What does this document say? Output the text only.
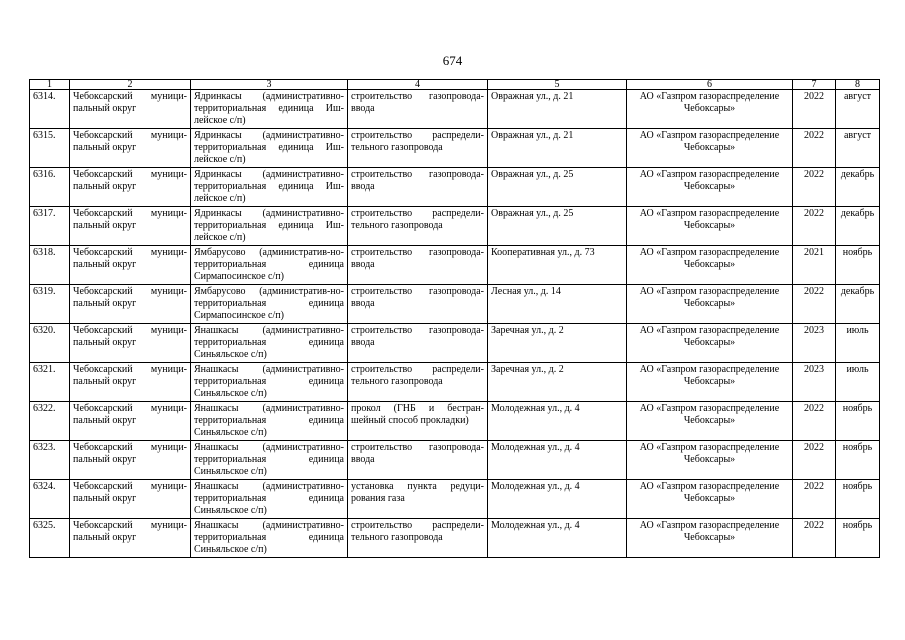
674
1	2	3	4	5	6	7	8
6314.	Чебоксарский муници-пальный округ	Ядринкасы (административно-территориальная единица Иш-лейское с/п)	строительство газопровода-ввода	Овражная ул., д. 21	АО «Газпром газораспределение Чебоксары»	2022	август
6315.	Чебоксарский муници-пальный округ	Ядринкасы (административно-территориальная единица Иш-лейское с/п)	строительство распредели-тельного газопровода	Овражная ул., д. 21	АО «Газпром газораспределение Чебоксары»	2022	август
6316.	Чебоксарский муници-пальный округ	Ядринкасы (административно-территориальная единица Иш-лейское с/п)	строительство газопровода-ввода	Овражная ул., д. 25	АО «Газпром газораспределение Чебоксары»	2022	декабрь
6317.	Чебоксарский муници-пальный округ	Ядринкасы (административно-территориальная единица Иш-лейское с/п)	строительство распредели-тельного газопровода	Овражная ул., д. 25	АО «Газпром газораспределение Чебоксары»	2022	декабрь
6318.	Чебоксарский муници-пальный округ	Ямбарусово (административ-но-территориальная единица Сирмапосинское с/п)	строительство газопровода-ввода	Кооперативная ул., д. 73	АО «Газпром газораспределение Чебоксары»	2021	ноябрь
6319.	Чебоксарский муници-пальный округ	Ямбарусово (административ-но-территориальная единица Сирмапосинское с/п)	строительство газопровода-ввода	Лесная ул., д. 14	АО «Газпром газораспределение Чебоксары»	2022	декабрь
6320.	Чебоксарский муници-пальный округ	Янашкасы (административно-территориальная единица Синьяльское с/п)	строительство газопровода-ввода	Заречная ул., д. 2	АО «Газпром газораспределение Чебоксары»	2023	июль
6321.	Чебоксарский муници-пальный округ	Янашкасы (административно-территориальная единица Синьяльское с/п)	строительство распредели-тельного газопровода	Заречная ул., д. 2	АО «Газпром газораспределение Чебоксары»	2023	июль
6322.	Чебоксарский муници-пальный округ	Янашкасы (административно-территориальная единица Синьяльское с/п)	прокол (ГНБ и бестран-шейный способ прокладки)	Молодежная ул., д. 4	АО «Газпром газораспределение Чебоксары»	2022	ноябрь
6323.	Чебоксарский муници-пальный округ	Янашкасы (административно-территориальная единица Синьяльское с/п)	строительство газопровода-ввода	Молодежная ул., д. 4	АО «Газпром газораспределение Чебоксары»	2022	ноябрь
6324.	Чебоксарский муници-пальный округ	Янашкасы (административно-территориальная единица Синьяльское с/п)	установка пункта редуци-рования газа	Молодежная ул., д. 4	АО «Газпром газораспределение Чебоксары»	2022	ноябрь
6325.	Чебоксарский муници-пальный округ	Янашкасы (административно-территориальная единица Синьяльское с/п)	строительство распредели-тельного газопровода	Молодежная ул., д. 4	АО «Газпром газораспределение Чебоксары»	2022	ноябрь
